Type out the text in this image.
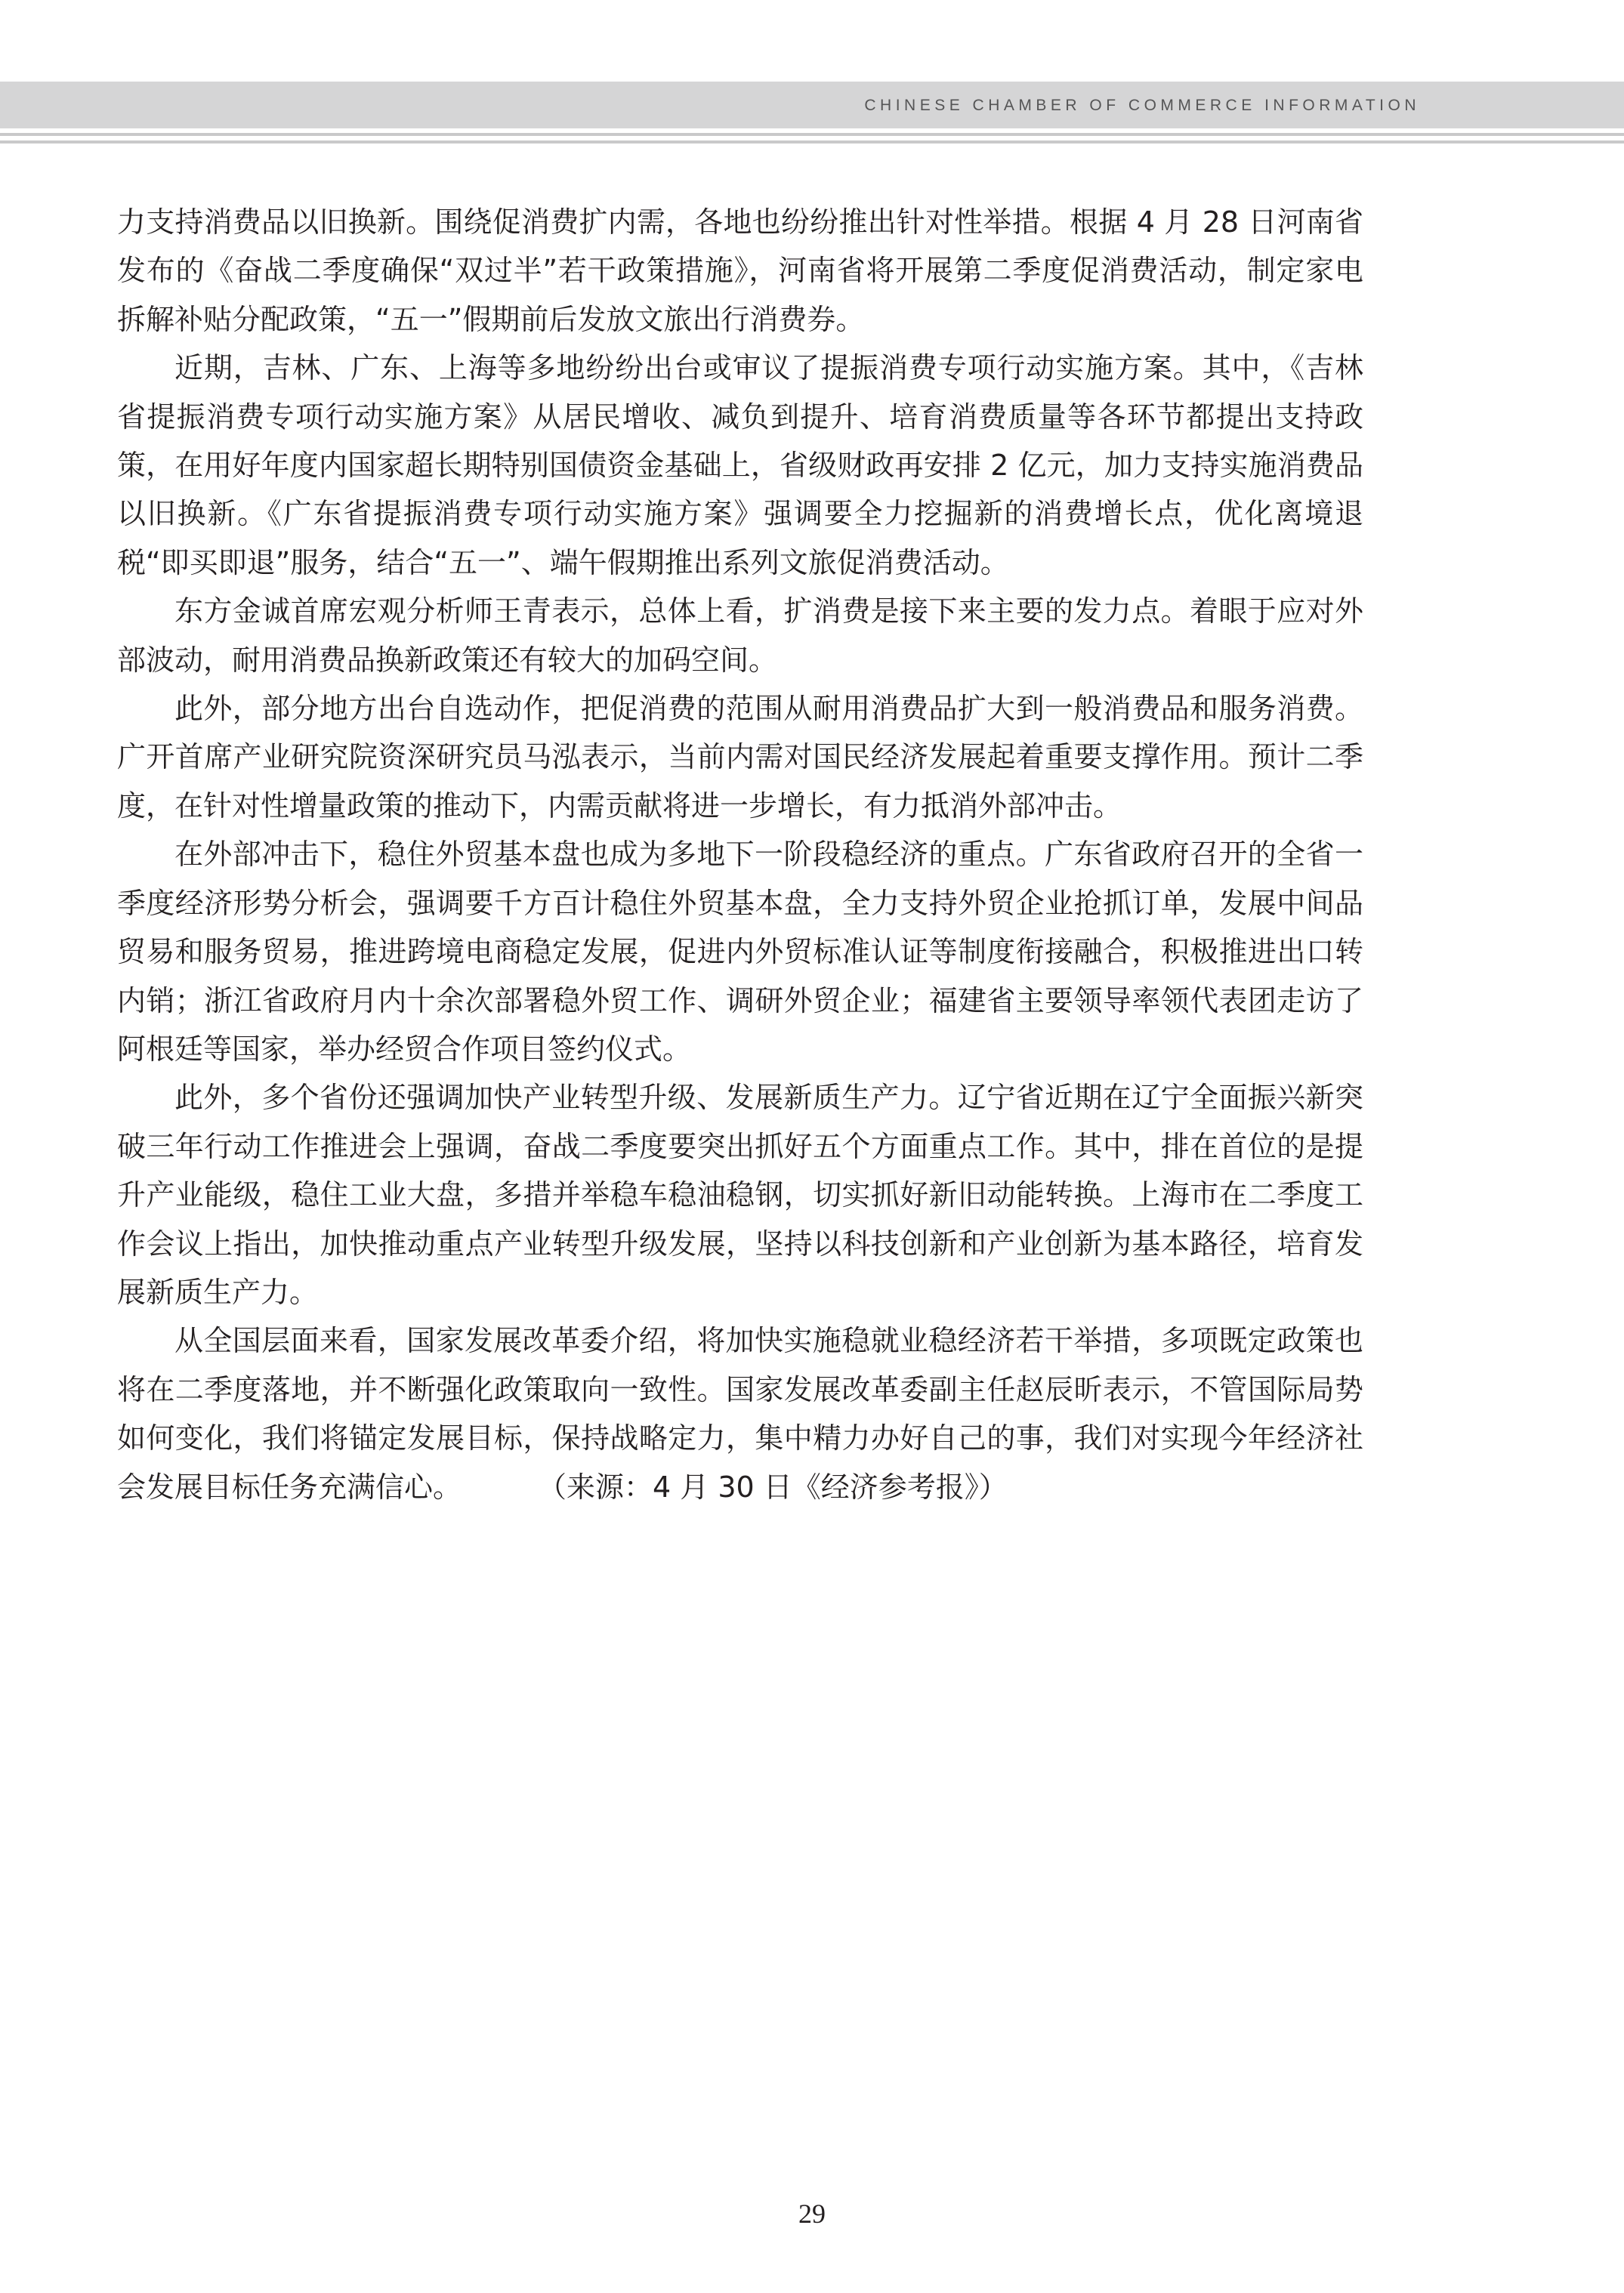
CHINESE CHAMBER OF COMMERCE INFORMATION

力支持消费品以旧换新。围绕促消费扩内需，各地也纷纷推出针对性举措。根据 4 月 28 日河南省发布的《奋战二季度确保“双过半”若干政策措施》，河南省将开展第二季度促消费活动，制定家电拆解补贴分配政策，“五一”假期前后发放文旅出行消费券。

近期，吉林、广东、上海等多地纷纷出台或审议了提振消费专项行动实施方案。其中，《吉林省提振消费专项行动实施方案》从居民增收、减负到提升、培育消费质量等各环节都提出支持政策，在用好年度内国家超长期特别国债资金基础上，省级财政再安排 2 亿元，加力支持实施消费品以旧换新。《广东省提振消费专项行动实施方案》强调要全力挖掘新的消费增长点，优化离境退税“即买即退”服务，结合“五一”、端午假期推出系列文旅促消费活动。

东方金诚首席宏观分析师王青表示，总体上看，扩消费是接下来主要的发力点。着眼于应对外部波动，耐用消费品换新政策还有较大的加码空间。

此外，部分地方出台自选动作，把促消费的范围从耐用消费品扩大到一般消费品和服务消费。广开首席产业研究院资深研究员马泓表示，当前内需对国民经济发展起着重要支撑作用。预计二季度，在针对性增量政策的推动下，内需贡献将进一步增长，有力抵消外部冲击。

在外部冲击下，稳住外贸基本盘也成为多地下一阶段稳经济的重点。广东省政府召开的全省一季度经济形势分析会，强调要千方百计稳住外贸基本盘，全力支持外贸企业抢抓订单，发展中间品贸易和服务贸易，推进跨境电商稳定发展，促进内外贸标准认证等制度衔接融合，积极推进出口转内销；浙江省政府月内十余次部署稳外贸工作、调研外贸企业；福建省主要领导率领代表团走访了阿根廷等国家，举办经贸合作项目签约仪式。

此外，多个省份还强调加快产业转型升级、发展新质生产力。辽宁省近期在辽宁全面振兴新突破三年行动工作推进会上强调，奋战二季度要突出抓好五个方面重点工作。其中，排在首位的是提升产业能级，稳住工业大盘，多措并举稳车稳油稳钢，切实抓好新旧动能转换。上海市在二季度工作会议上指出，加快推动重点产业转型升级发展，坚持以科技创新和产业创新为基本路径，培育发展新质生产力。

从全国层面来看，国家发展改革委介绍，将加快实施稳就业稳经济若干举措，多项既定政策也将在二季度落地，并不断强化政策取向一致性。国家发展改革委副主任赵辰昕表示，不管国际局势如何变化，我们将锚定发展目标，保持战略定力，集中精力办好自己的事，我们对实现今年经济社会发展目标任务充满信心。	（来源：4 月 30 日《经济参考报》）

29
